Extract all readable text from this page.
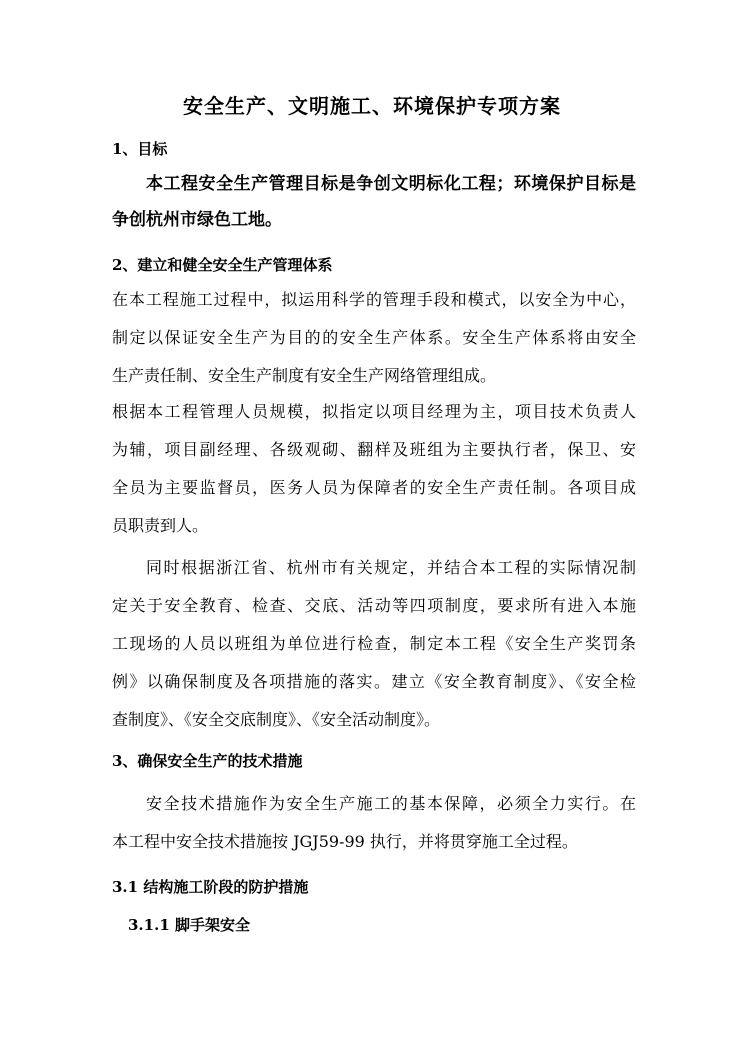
安全生产、文明施工、环境保护专项方案
1、目标
本工程安全生产管理目标是争创文明标化工程；环境保护目标是
争创杭州市绿色工地。
2、建立和健全安全生产管理体系
在本工程施工过程中，拟运用科学的管理手段和模式，以安全为中心，
制定以保证安全生产为目的的安全生产体系。安全生产体系将由安全
生产责任制、安全生产制度有安全生产网络管理组成。
根据本工程管理人员规模，拟指定以项目经理为主，项目技术负责人
为辅，项目副经理、各级观砌、翻样及班组为主要执行者，保卫、安
全员为主要监督员，医务人员为保障者的安全生产责任制。各项目成
员职责到人。
同时根据浙江省、杭州市有关规定，并结合本工程的实际情况制
定关于安全教育、检查、交底、活动等四项制度，要求所有进入本施
工现场的人员以班组为单位进行检查，制定本工程《安全生产奖罚条
例》以确保制度及各项措施的落实。建立《安全教育制度》、《安全检
查制度》、《安全交底制度》、《安全活动制度》。
3、确保安全生产的技术措施
安全技术措施作为安全生产施工的基本保障，必须全力实行。在
本工程中安全技术措施按 JGJ59-99 执行，并将贯穿施工全过程。
3.1 结构施工阶段的防护措施
3.1.1 脚手架安全
